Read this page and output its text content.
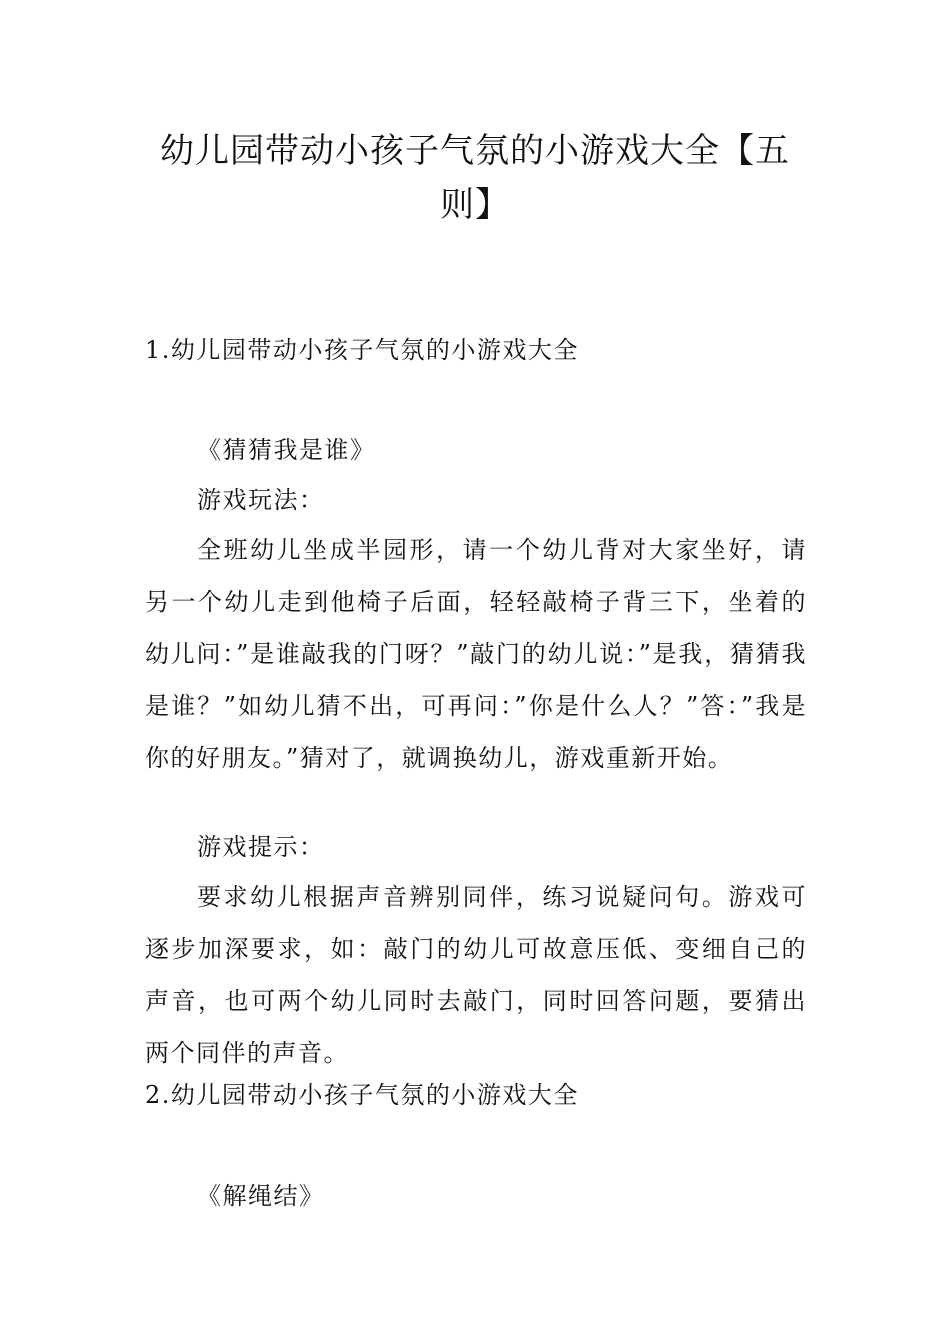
幼儿园带动小孩子气氛的小游戏大全【五则】
1.幼儿园带动小孩子气氛的小游戏大全
《猜猜我是谁》
游戏玩法：

全班幼儿坐成半园形，请一个幼儿背对大家坐好，请另一个幼儿走到他椅子后面，轻轻敲椅子背三下，坐着的幼儿问：”是谁敲我的门呀？”敲门的幼儿说：”是我，猜猜我是谁？”如幼儿猜不出，可再问：”你是什么人？”答：”我是你的好朋友。”猜对了，就调换幼儿，游戏重新开始。

游戏提示：

要求幼儿根据声音辨别同伴，练习说疑问句。游戏可逐步加深要求，如：敲门的幼儿可故意压低、变细自己的声音，也可两个幼儿同时去敲门，同时回答问题，要猜出两个同伴的声音。

2.幼儿园带动小孩子气氛的小游戏大全
《解绳结》
